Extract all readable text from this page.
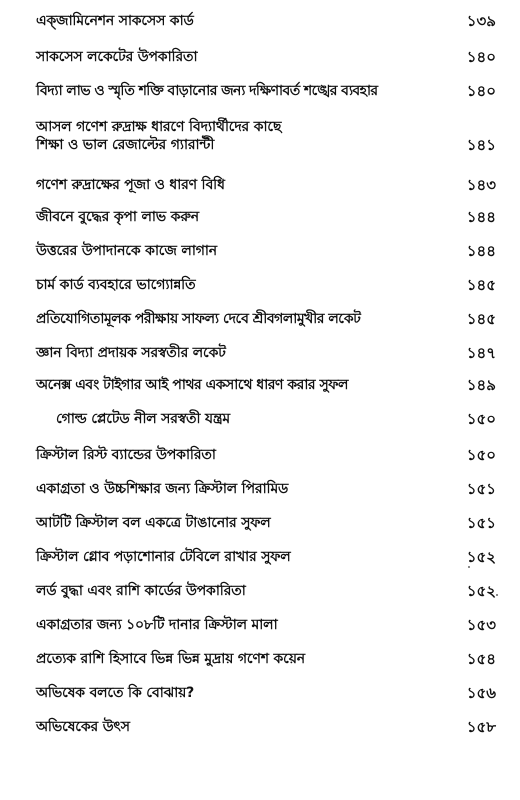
এক্জামিনেশন সাকসেস কার্ড	১৩৯
সাকসেস লকেটের উপকারিতা	১৪০
বিদ্যা লাভ ও স্মৃতি শক্তি বাড়ানোর জন্য দক্ষিণাবর্ত শঙ্খের ব্যবহার	১৪০
আসল গণেশ রুদ্রাক্ষ ধারণে বিদ্যার্থীদের কাছে
শিক্ষা ও ভাল রেজাল্টের গ্যারান্টী	১৪১
গণেশ রুদ্রাক্ষের পূজা ও ধারণ বিধি	১৪৩
জীবনে বুদ্ধের কৃপা লাভ করুন	১৪৪
উত্তরের উপাদানকে কাজে লাগান	১৪৪
চার্ম কার্ড ব্যবহারে ভাগ্যোন্নতি	১৪৫
প্রতিযোগিতামূলক পরীক্ষায় সাফল্য দেবে শ্রীবগলামুখীর লকেট	১৪৫
জ্ঞান বিদ্যা প্রদায়ক সরস্বতীর লকেট	১৪৭
অনেক্স এবং টাইগার আই পাথর একসাথে ধারণ করার সুফল	১৪৯
গোল্ড প্লেটেড নীল সরস্বতী যন্ত্রম	১৫০
ক্রিস্টাল রিস্ট ব্যান্ডের উপকারিতা	১৫০
একাগ্রতা ও উচ্চশিক্ষার জন্য ক্রিস্টাল পিরামিড	১৫১
আটটি ক্রিস্টাল বল একত্রে টাঙানোর সুফল	১৫১
ক্রিস্টাল গ্লোব পড়াশোনার টেবিলে রাখার সুফল	১৫২
লর্ড বুদ্ধা এবং রাশি কার্ডের উপকারিতা	১৫২
একাগ্রতার জন্য ১০৮টি দানার ক্রিস্টাল মালা	১৫৩
প্রত্যেক রাশি হিসাবে ভিন্ন ভিন্ন মুদ্রায় গণেশ কয়েন	১৫৪
অভিষেক বলতে কি বোঝায়?	১৫৬
অভিষেকের উৎস	১৫৮
